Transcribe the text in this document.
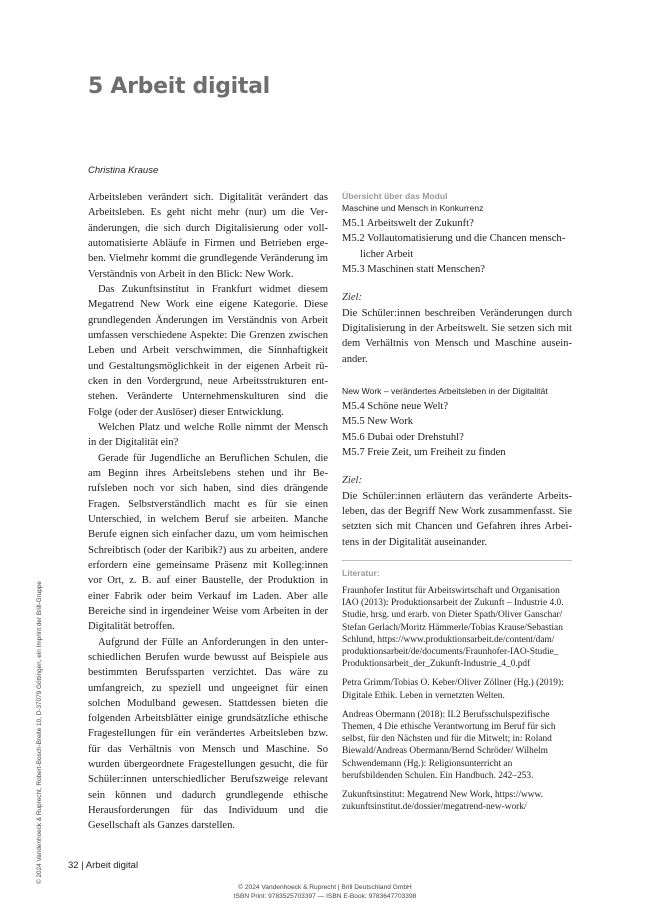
5 Arbeit digital
Christina Krause

Arbeitsleben verändert sich. Digitalität verändert das Arbeitsleben. Es geht nicht mehr (nur) um die Veränderungen, die sich durch Digitalisierung oder vollautomatisierte Abläufe in Firmen und Betrieben ergeben. Vielmehr kommt die grundlegende Veränderung im Verständnis von Arbeit in den Blick: New Work.

Das Zukunftsinstitut in Frankfurt widmet diesem Megatrend New Work eine eigene Kategorie. Diese grundlegenden Änderungen im Verständnis von Arbeit umfassen verschiedene Aspekte: Die Grenzen zwischen Leben und Arbeit verschwimmen, die Sinnhaftigkeit und Gestaltungsmöglichkeit in der eigenen Arbeit rücken in den Vordergrund, neue Arbeitsstrukturen entstehen. Veränderte Unternehmenskulturen sind die Folge (oder der Auslöser) dieser Entwicklung.

Welchen Platz und welche Rolle nimmt der Mensch in der Digitalität ein?

Gerade für Jugendliche an Beruflichen Schulen, die am Beginn ihres Arbeitslebens stehen und ihr Berufsleben noch vor sich haben, sind dies drängende Fragen. Selbstverständlich macht es für sie einen Unterschied, in welchem Beruf sie arbeiten. Manche Berufe eignen sich einfacher dazu, um vom heimischen Schreibtisch (oder der Karibik?) aus zu arbeiten, andere erfordern eine gemeinsame Präsenz mit Kolleg:innen vor Ort, z. B. auf einer Baustelle, der Produktion in einer Fabrik oder beim Verkauf im Laden. Aber alle Bereiche sind in irgendeiner Weise vom Arbeiten in der Digitalität betroffen.

Aufgrund der Fülle an Anforderungen in den unterschiedlichen Berufen wurde bewusst auf Beispiele aus bestimmten Berufssparten verzichtet. Das wäre zu umfangreich, zu speziell und ungeeignet für einen solchen Modulband gewesen. Stattdessen bieten die folgenden Arbeitsblätter einige grundsätzliche ethische Fragestellungen für ein verändertes Arbeitsleben bzw. für das Verhältnis von Mensch und Maschine. So wurden übergeordnete Fragestellungen gesucht, die für Schüler:innen unterschiedlicher Berufszweige relevant sein können und dadurch grundlegende ethische Herausforderungen für das Individuum und die Gesellschaft als Ganzes darstellen.

Übersicht über das Modul
Maschine und Mensch in Konkurrenz
M5.1 Arbeitswelt der Zukunft?
M5.2 Vollautomatisierung und die Chancen mensch-
licher Arbeit
M5.3 Maschinen statt Menschen?
Ziel:

Die Schüler:innen beschreiben Veränderungen durch Digitalisierung in der Arbeitswelt. Sie setzen sich mit dem Verhältnis von Mensch und Maschine auseinander.

New Work – verändertes Arbeitsleben in der Digitalität
M5.4 Schöne neue Welt?
M5.5 New Work
M5.6 Dubai oder Drehstuhl?
M5.7 Freie Zeit, um Freiheit zu finden
Ziel:

Die Schüler:innen erläutern das veränderte Arbeitsleben, das der Begriff New Work zusammenfasst. Sie setzten sich mit Chancen und Gefahren ihres Arbeitens in der Digitalität auseinander.

Literatur:

Fraunhofer Institut für Arbeitswirtschaft und Organisation IAO (2013): Produktionsarbeit der Zukunft – Industrie 4.0. Studie, hrsg. und erarb. von Dieter Spath/Oliver Ganschar/ Stefan Gerlach/Moritz Hämmerle/Tobias Krause/Sebastian Schlund, https://www.produktionsarbeit.de/content/dam/ produktionsarbeit/de/documents/Fraunhofer-IAO-Studie_ Produktionsarbeit_der_Zukunft-Industrie_4_0.pdf

Petra Grimm/Tobias O. Keber/Oliver Zöllner (Hg.) (2019): Digitale Ethik. Leben in vernetzten Welten.

Andreas Obermann (2018): II.2 Berufsschulspezifische Themen, 4 Die ethische Verantwortung im Beruf für sich selbst, für den Nächsten und für die Mitwelt; in: Roland Biewald/Andreas Obermann/Bernd Schröder/ Wilhelm Schwendemann (Hg.): Religionsunterricht an berufsbildenden Schulen. Ein Handbuch. 242–253.

Zukunftsinstitut: Megatrend New Work, https://www. zukunftsinstitut.de/dossier/megatrend-new-work/

© 2024 Vandenhoeck & Ruprecht, Robert-Bosch-Breite 10, D-37079 Göttingen, ein Imprint der Brill-Gruppe	32 | Arbeit digital
© 2024 Vandenhoeck & Ruprecht | Brill Deutschland GmbH
ISBN Print: 9783525703397 — ISBN E-Book: 9783647703398
